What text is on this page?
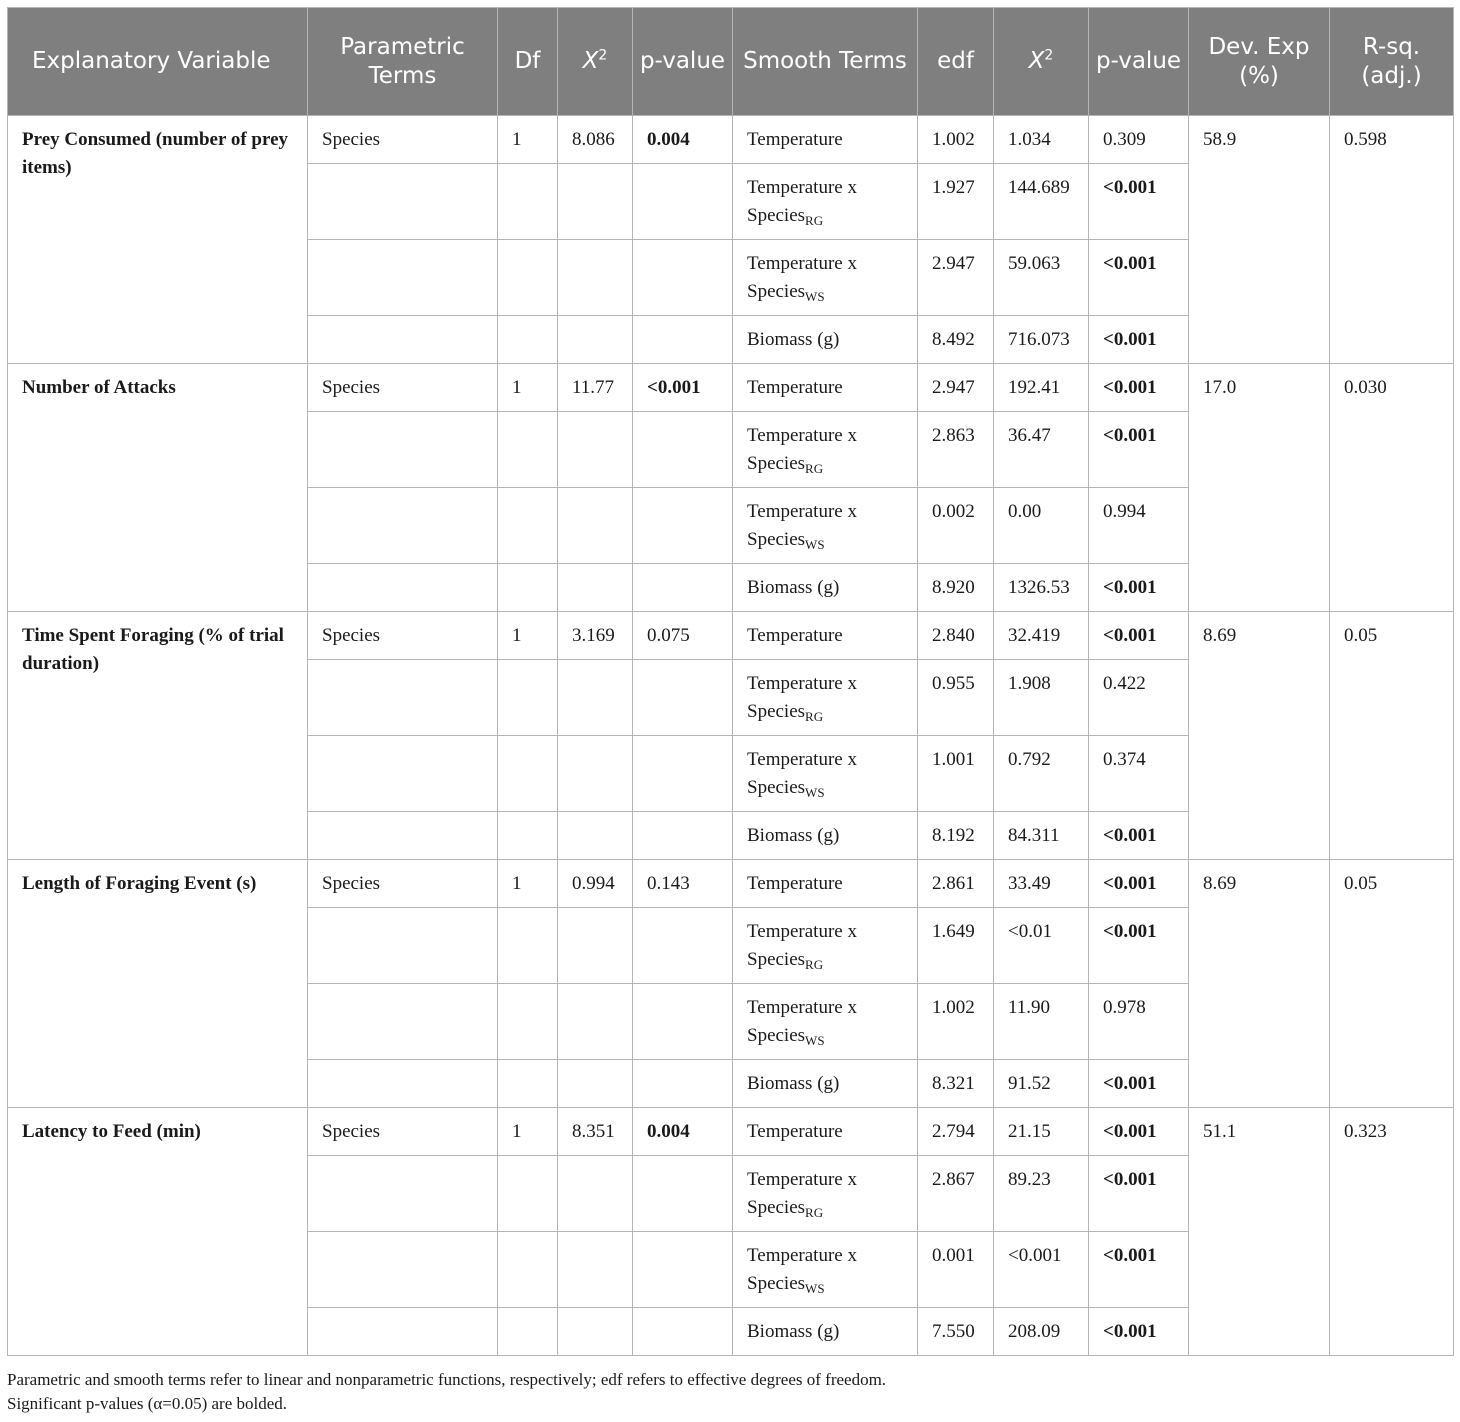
Explanatory Variable	Parametric Terms	Df	$X^2$	p-value	Smooth Terms	edf	$X^2$	p-value	Dev. Exp (%)	R-sq. (adj.)
Prey Consumed (number of prey items)	Species	1	8.086	0.004	Temperature	1.002	1.034	0.309	58.9	0.598
					Temperature x Species$_{RG}$	1.927	144.689	<0.001		
					Temperature x Species$_{WS}$	2.947	59.063	<0.001		
					Biomass (g)	8.492	716.073	<0.001		
Number of Attacks	Species	1	11.77	<0.001	Temperature	2.947	192.41	<0.001	17.0	0.030
					Temperature x Species$_{RG}$	2.863	36.47	<0.001		
					Temperature x Species$_{WS}$	0.002	0.00	0.994		
					Biomass (g)	8.920	1326.53	<0.001		
Time Spent Foraging (% of trial duration)	Species	1	3.169	0.075	Temperature	2.840	32.419	<0.001	8.69	0.05
					Temperature x Species$_{RG}$	0.955	1.908	0.422		
					Temperature x Species$_{WS}$	1.001	0.792	0.374		
					Biomass (g)	8.192	84.311	<0.001		
Length of Foraging Event (s)	Species	1	0.994	0.143	Temperature	2.861	33.49	<0.001	8.69	0.05
					Temperature x Species$_{RG}$	1.649	<0.01	<0.001		
					Temperature x Species$_{WS}$	1.002	11.90	0.978		
					Biomass (g)	8.321	91.52	<0.001		
Latency to Feed (min)	Species	1	8.351	0.004	Temperature	2.794	21.15	<0.001	51.1	0.323
					Temperature x Species$_{RG}$	2.867	89.23	<0.001		
					Temperature x Species$_{WS}$	0.001	<0.001	<0.001		
					Biomass (g)	7.550	208.09	<0.001		
Parametric and smooth terms refer to linear and nonparametric functions, respectively; edf refers to effective degrees of freedom.
Significant p-values (α=0.05) are bolded.
